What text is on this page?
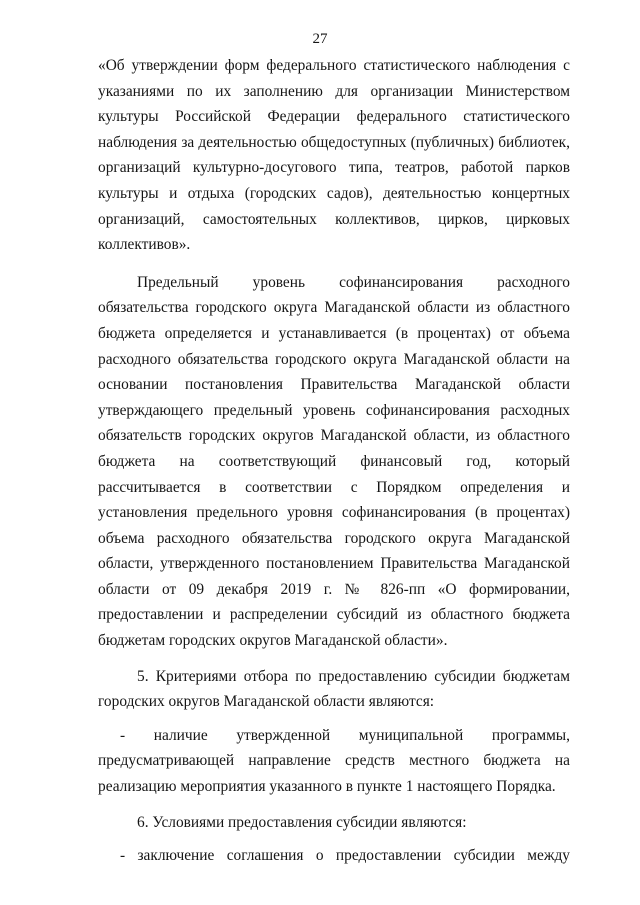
27

«Об утверждении форм федерального статистического наблюдения с указаниями по их заполнению для организации Министерством культуры Российской Федерации федерального статистического наблюдения за деятельностью общедоступных (публичных) библиотек, организаций культурно-досугового типа, театров, работой парков культуры и отдыха (городских садов), деятельностью концертных организаций, самостоятельных коллективов, цирков, цирковых коллективов».

Предельный уровень софинансирования расходного обязательства городского округа Магаданской области из областного бюджета определяется и устанавливается (в процентах) от объема расходного обязательства городского округа Магаданской области на основании постановления Правительства Магаданской области утверждающего предельный уровень софинансирования расходных обязательств городских округов Магаданской области, из областного бюджета на соответствующий финансовый год, который рассчитывается в соответствии с Порядком определения и установления предельного уровня софинансирования (в процентах) объема расходного обязательства городского округа Магаданской области, утвержденного постановлением Правительства Магаданской области от 09 декабря 2019 г. № 826-пп «О формировании, предоставлении и распределении субсидий из областного бюджета бюджетам городских округов Магаданской области».

5. Критериями отбора по предоставлению субсидии бюджетам городских округов Магаданской области являются:

- наличие утвержденной муниципальной программы, предусматривающей направление средств местного бюджета на реализацию мероприятия указанного в пункте 1 настоящего Порядка.

6. Условиями предоставления субсидии являются:

- заключение соглашения о предоставлении субсидии между
